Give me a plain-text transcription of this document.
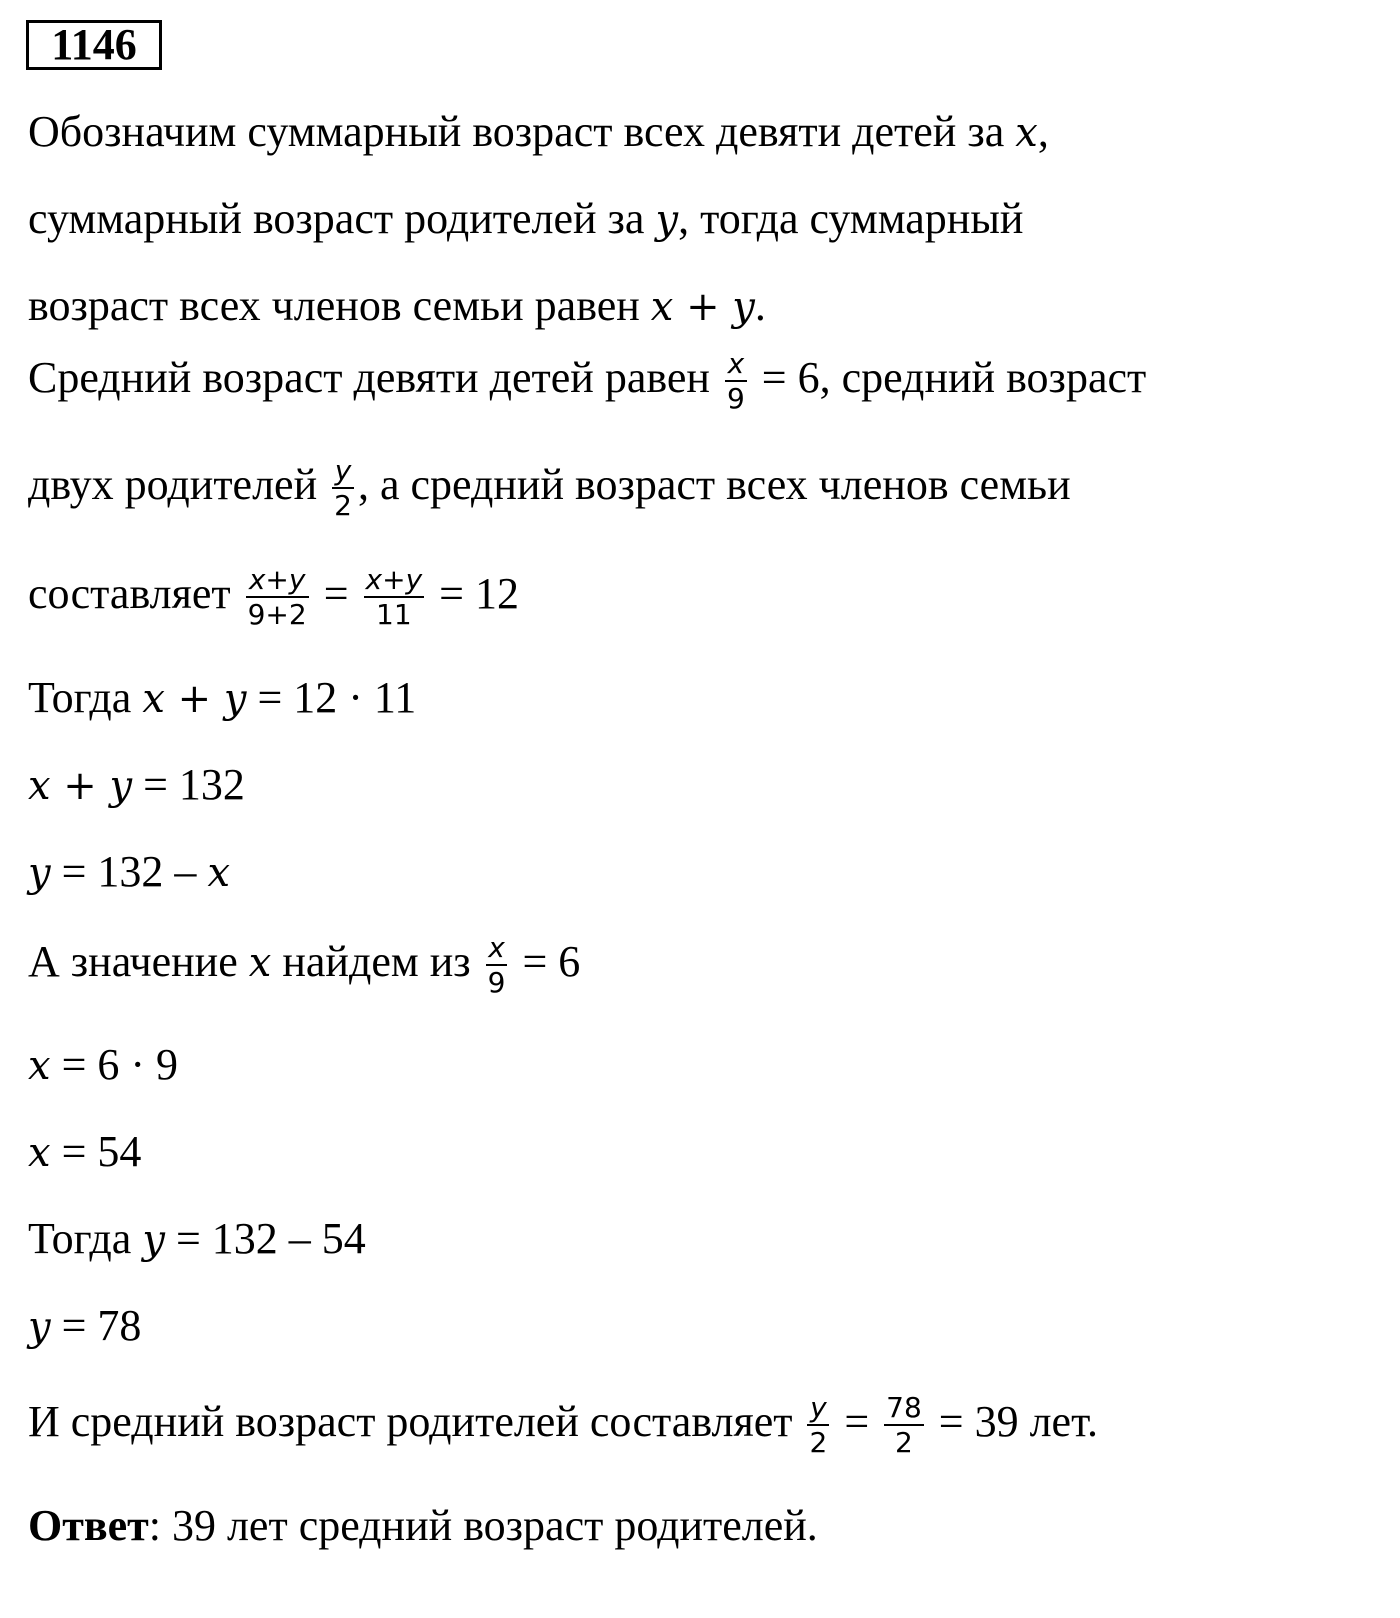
1146
Обозначим суммарный возраст всех девяти детей за x,
суммарный возраст родителей за y, тогда суммарный
возраст всех членов семьи равен x + y.
Средний возраст девяти детей равен $\frac{x}{9} = 6$, средний возраст
двух родителей $\frac{y}{2}$ , а средний возраст всех членов семьи
составляет $\frac{x+y}{9+2} = \frac{x+y}{11} = 12$
Тогда x + y = 12 · 11
x + y = 132
y = 132 – x
А значение x найдем из $\frac{x}{9} = 6$
x = 6 · 9
x = 54
Тогда y = 132 – 54
y = 78
И средний возраст родителей составляет $\frac{y}{2} = \frac{78}{2} = 39$ лет.
Ответ: 39 лет средний возраст родителей.
